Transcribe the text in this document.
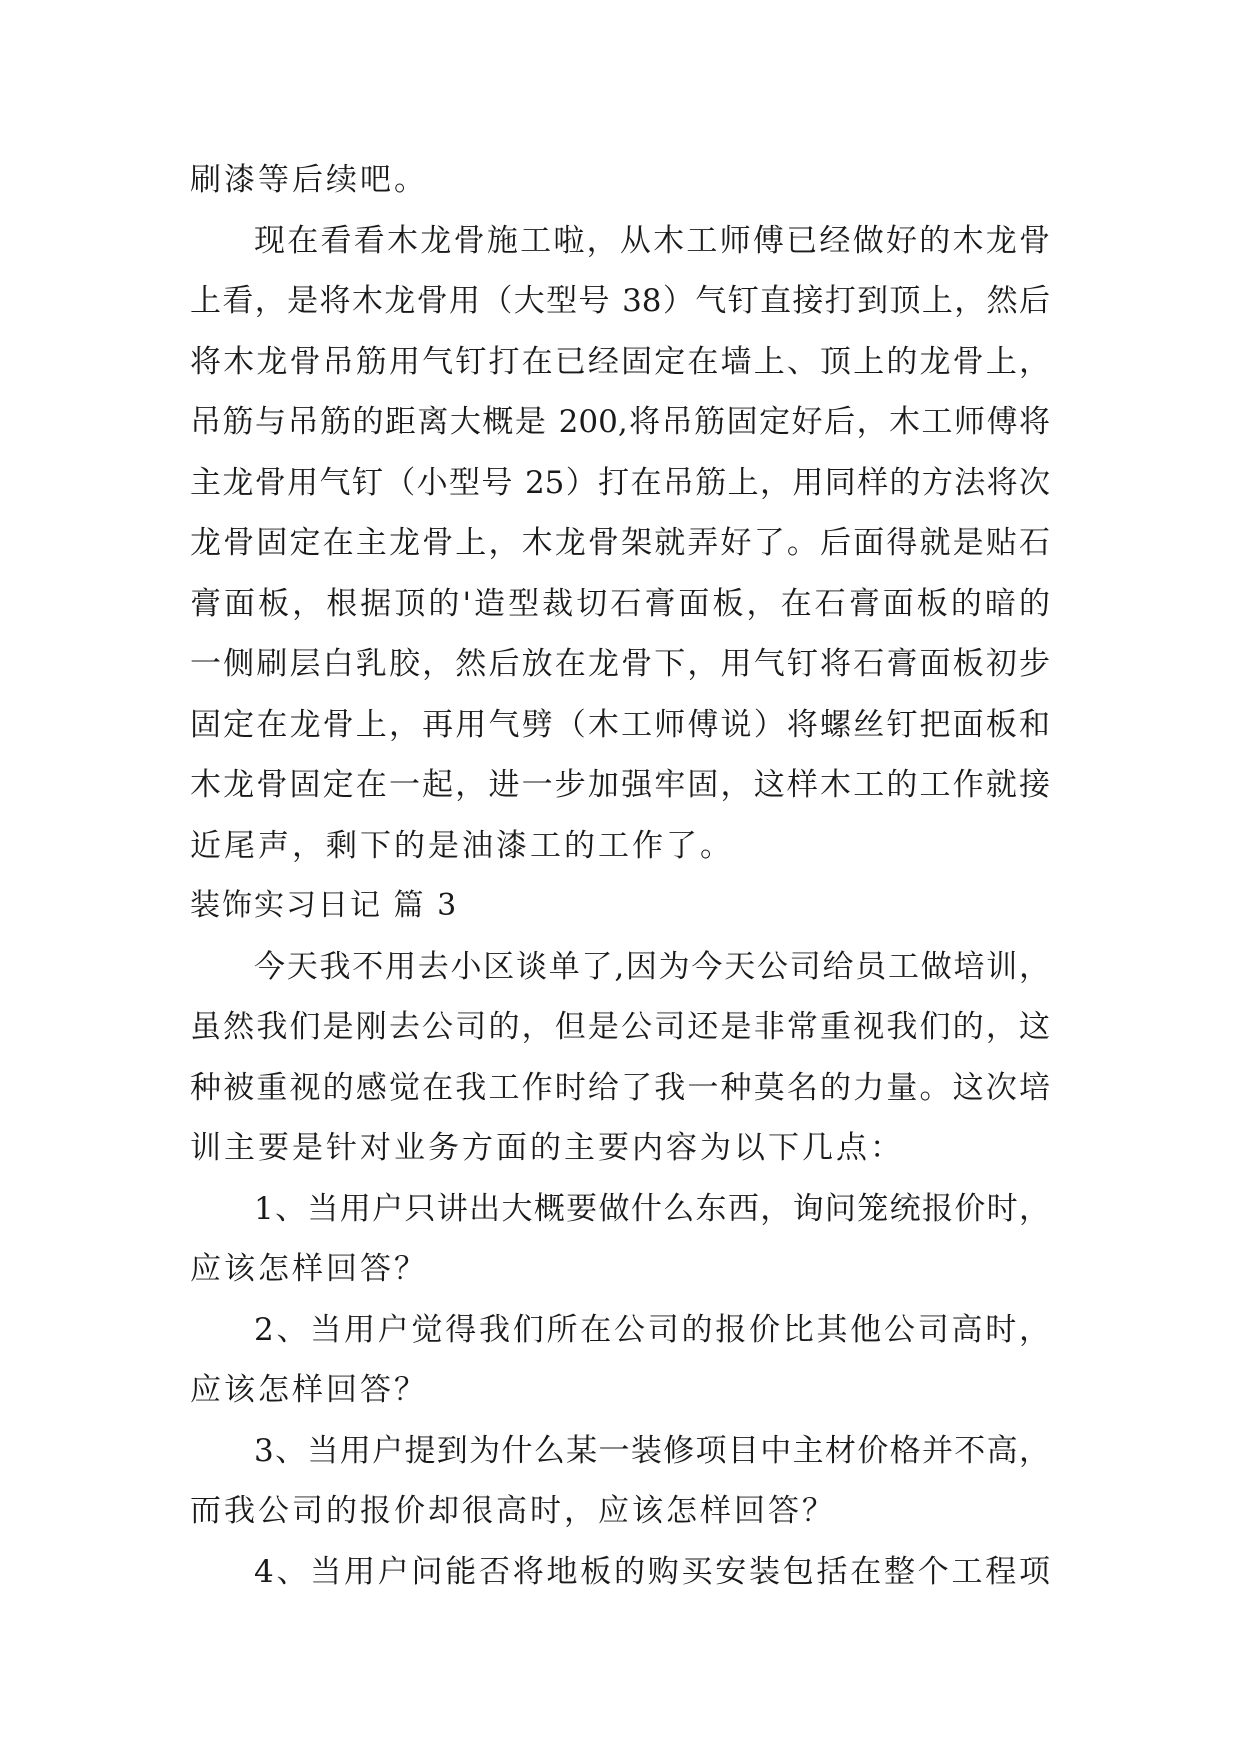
刷漆等后续吧。
现在看看木龙骨施工啦，从木工师傅已经做好的木龙骨
上看，是将木龙骨用（大型号 38）气钉直接打到顶上，然后
将木龙骨吊筋用气钉打在已经固定在墙上、顶上的龙骨上，
吊筋与吊筋的距离大概是 200,将吊筋固定好后，木工师傅将
主龙骨用气钉（小型号 25）打在吊筋上，用同样的方法将次
龙骨固定在主龙骨上，木龙骨架就弄好了。后面得就是贴石
膏面板，根据顶的'造型裁切石膏面板，在石膏面板的暗的
一侧刷层白乳胶，然后放在龙骨下，用气钉将石膏面板初步
固定在龙骨上，再用气劈（木工师傅说）将螺丝钉把面板和
木龙骨固定在一起，进一步加强牢固，这样木工的工作就接
近尾声，剩下的是油漆工的工作了。
装饰实习日记 篇 3
今天我不用去小区谈单了,因为今天公司给员工做培训，
虽然我们是刚去公司的，但是公司还是非常重视我们的，这
种被重视的感觉在我工作时给了我一种莫名的力量。这次培
训主要是针对业务方面的主要内容为以下几点：
1、当用户只讲出大概要做什么东西，询问笼统报价时，
应该怎样回答？
2、当用户觉得我们所在公司的报价比其他公司高时，
应该怎样回答？
3、当用户提到为什么某一装修项目中主材价格并不高，
而我公司的报价却很高时，应该怎样回答？
4、当用户问能否将地板的购买安装包括在整个工程项
